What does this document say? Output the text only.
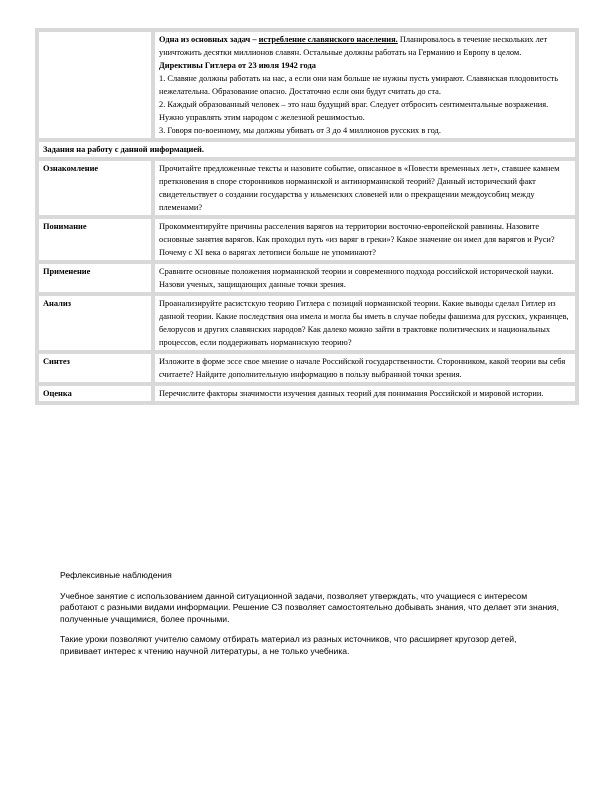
	Одна из основных задач – истребление славянского населения. Планировалось в течение нескольких лет уничтожить десятки миллионов славян. Остальные должны работать на Германию и Европу в целом.

Директивы Гитлера от 23 июля 1942 года

1. Славяне должны работать на нас, а если они нам больше не нужны пусть умирают. Славянская плодовитость нежелательна. Образование опасно. Достаточно если они будут считать до ста.

2. Каждый образованный человек – это наш будущий враг. Следует отбросить сентиментальные возражения. Нужно управлять этим народом с железной решимостью.

3. Говоря по-военному, мы должны убивать от 3 до 4 миллионов русских в год.

Задания на работу с данной информацией.	
Ознакомление	Прочитайте предложенные тексты и назовите событие, описанное в «Повести временных лет», ставшее камнем преткновения в споре сторонников норманнской и антинорманнской теорий? Данный исторический факт свидетельствует о создании государства у ильменских словеней или о прекращении междоусобиц между племенами?
Понимание	Прокомментируйте причины расселения варягов на территории восточно-европейской равнины. Назовите основные занятия варягов. Как проходил путь «из варяг в греки»? Какое значение он имел для варягов и Руси? Почему с XI века о варягах летописи больше не упоминают?
Применение	Сравните основные положения норманнской теории и современного подхода российской исторической науки. Назови ученых, защищающих данные точки зрения.
Анализ	Проанализируйте расистскую теорию Гитлера с позиций норманнской теории. Какие выводы сделал Гитлер из данной теории. Какие последствия она имела и могла бы иметь в случае победы фашизма для русских, украинцев, белорусов и других славянских народов? Как далеко можно зайти в трактовке политических и национальных процессов, если поддерживать норманнскую теорию?
Синтез	Изложите в форме эссе свое мнение о начале Российской государственности. Сторонником, какой теории вы себя считаете? Найдите дополнительную информацию в пользу выбранной точки зрения.
Оценка	Перечислите факторы значимости изучения данных теорий для понимания Российской и мировой истории.

Рефлексивные наблюдения

Учебное занятие с использованием данной ситуационной задачи, позволяет утверждать, что учащиеся с интересом работают с разными видами информации. Решение СЗ позволяет самостоятельно добывать знания, что делает эти знания, полученные учащимися, более прочными.

Такие уроки позволяют учителю самому отбирать материал из разных источников, что расширяет кругозор детей, прививает интерес к чтению научной литературы, а не только учебника.
